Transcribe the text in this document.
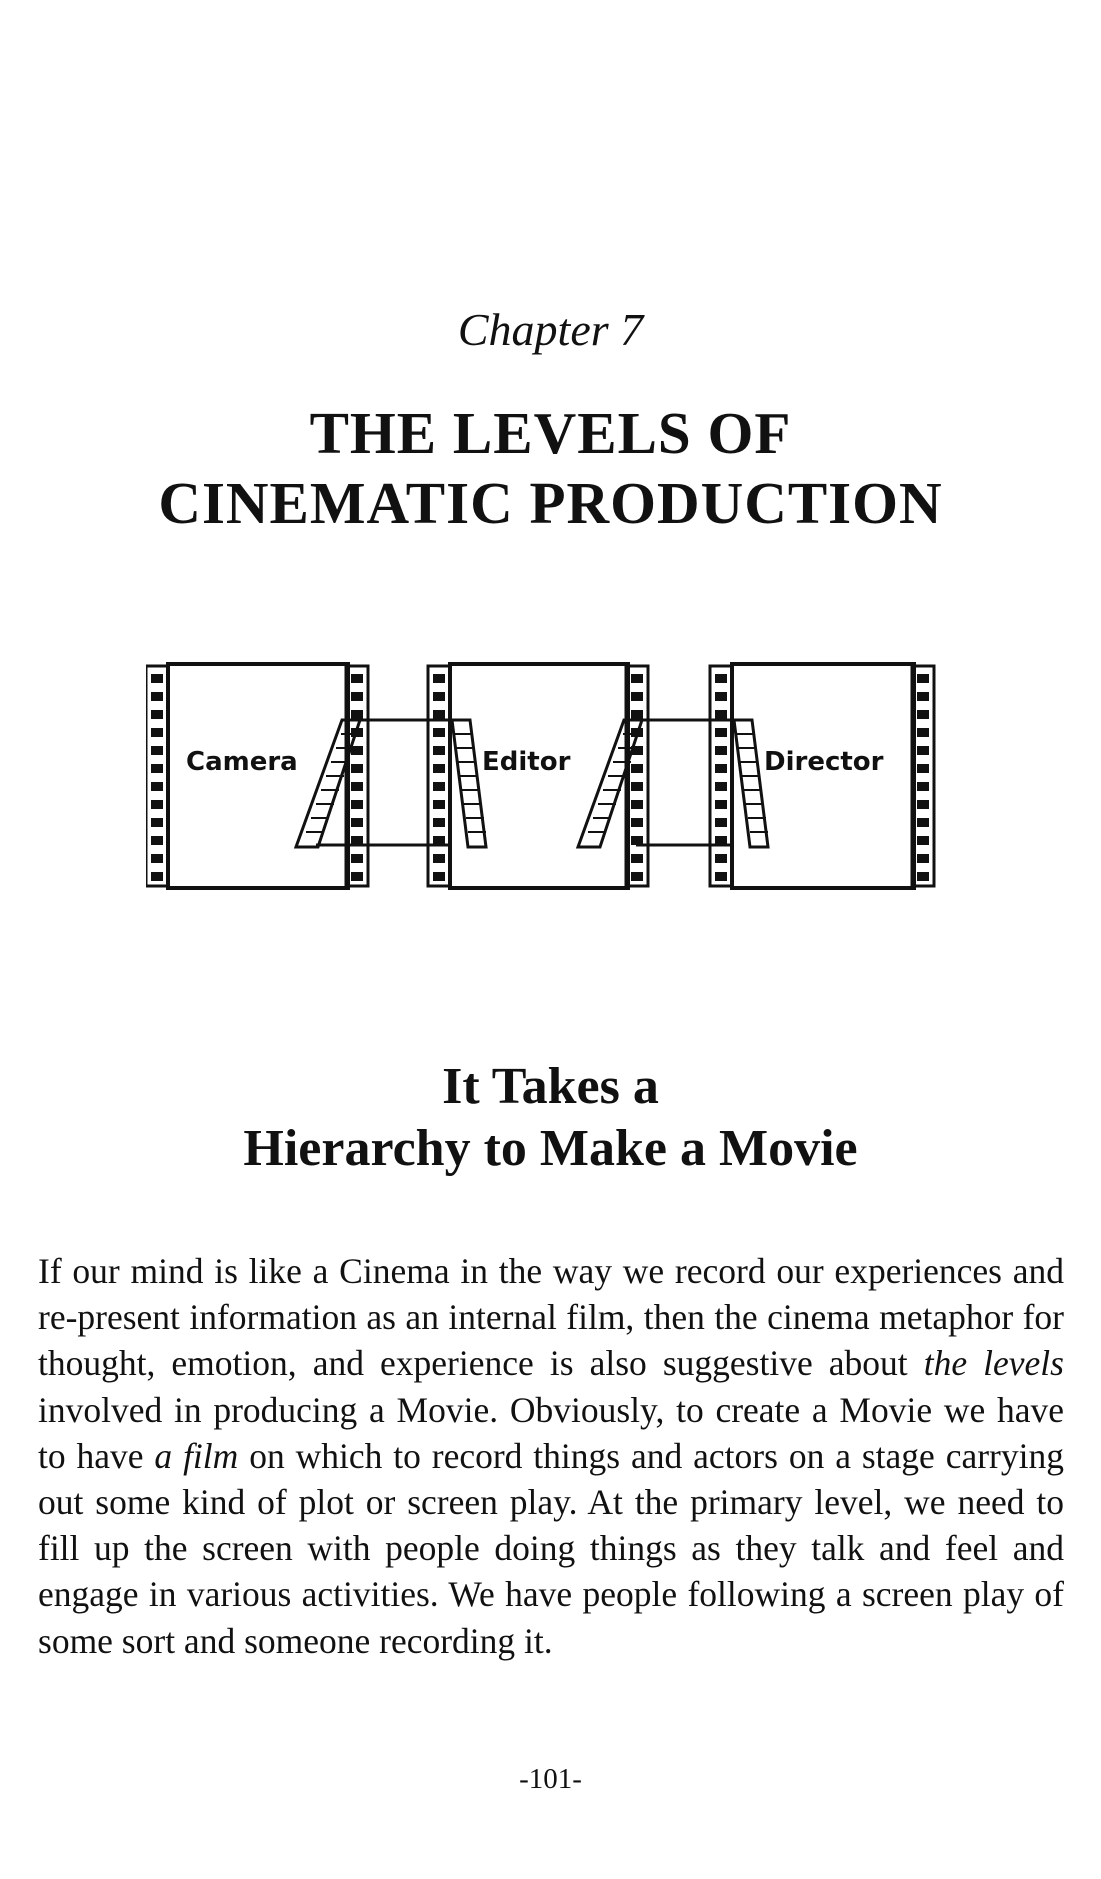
Chapter 7
THE LEVELS OF
CINEMATIC PRODUCTION
Camera	Editor	Director
It Takes a
Hierarchy to Make a Movie

If our mind is like a Cinema in the way we record our experiences and re-present information as an internal film, then the cinema metaphor for thought, emotion, and experience is also suggestive about the levels involved in producing a Movie. Obviously, to create a Movie we have to have a film on which to record things and actors on a stage carrying out some kind of plot or screen play. At the primary level, we need to fill up the screen with people doing things as they talk and feel and engage in various activities. We have people following a screen play of some sort and someone recording it.

-101-
